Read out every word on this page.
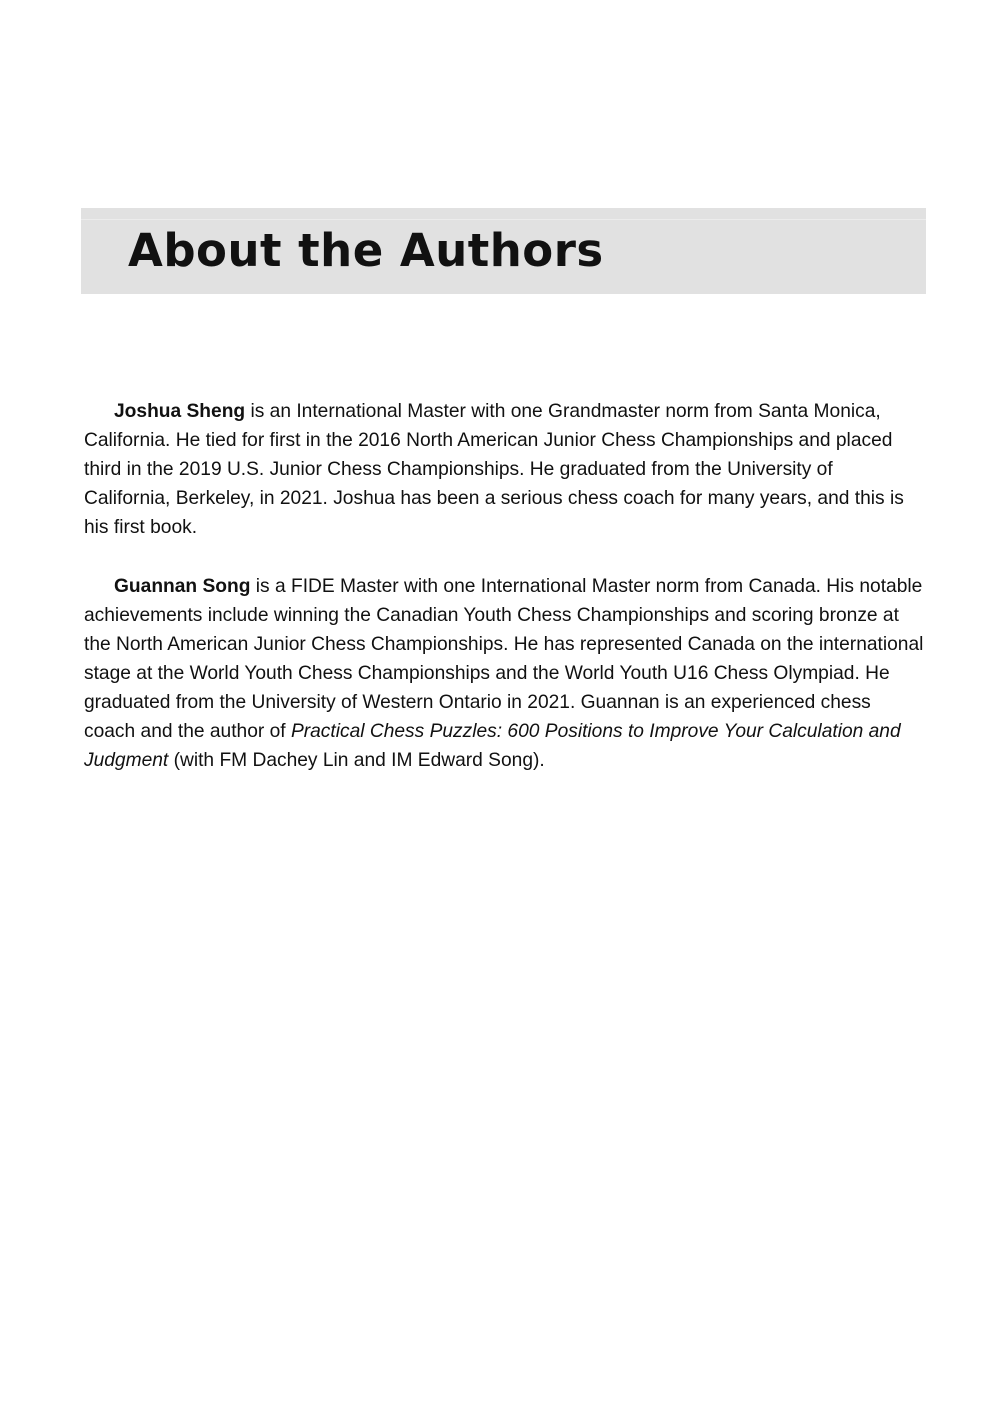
About the Authors

Joshua Sheng is an International Master with one Grandmaster norm from Santa Monica, California. He tied for first in the 2016 North American Junior Chess Championships and placed third in the 2019 U.S. Junior Chess Championships. He graduated from the University of California, Berkeley, in 2021. Joshua has been a serious chess coach for many years, and this is his first book.

Guannan Song is a FIDE Master with one International Master norm from Canada. His notable achievements include winning the Canadian Youth Chess Championships and scoring bronze at the North American Junior Chess Championships. He has represented Canada on the international stage at the World Youth Chess Championships and the World Youth U16 Chess Olympiad. He graduated from the University of Western Ontario in 2021. Guannan is an experienced chess coach and the author of Practical Chess Puzzles: 600 Positions to Improve Your Calculation and Judgment (with FM Dachey Lin and IM Edward Song).
